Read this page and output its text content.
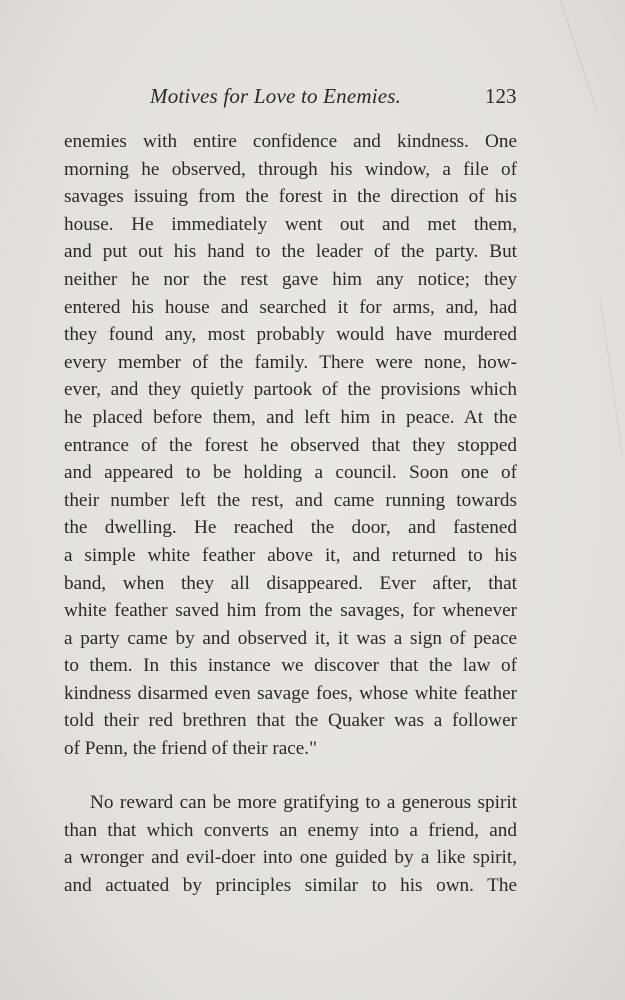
Motives for Love to Enemies.	123
enemies with entire confidence and kindness. One
morning he observed, through his window, a file of
savages issuing from the forest in the direction of his
house. He immediately went out and met them,
and put out his hand to the leader of the party. But
neither he nor the rest gave him any notice; they
entered his house and searched it for arms, and, had
they found any, most probably would have murdered
every member of the family. There were none, how-
ever, and they quietly partook of the provisions which
he placed before them, and left him in peace. At the
entrance of the forest he observed that they stopped
and appeared to be holding a council. Soon one of
their number left the rest, and came running towards
the dwelling. He reached the door, and fastened
a simple white feather above it, and returned to his
band, when they all disappeared. Ever after, that
white feather saved him from the savages, for whenever
a party came by and observed it, it was a sign of peace
to them. In this instance we discover that the law of
kindness disarmed even savage foes, whose white feather
told their red brethren that the Quaker was a follower
of Penn, the friend of their race."
No reward can be more gratifying to a generous spirit
than that which converts an enemy into a friend, and
a wronger and evil-doer into one guided by a like spirit,
and actuated by principles similar to his own. The
